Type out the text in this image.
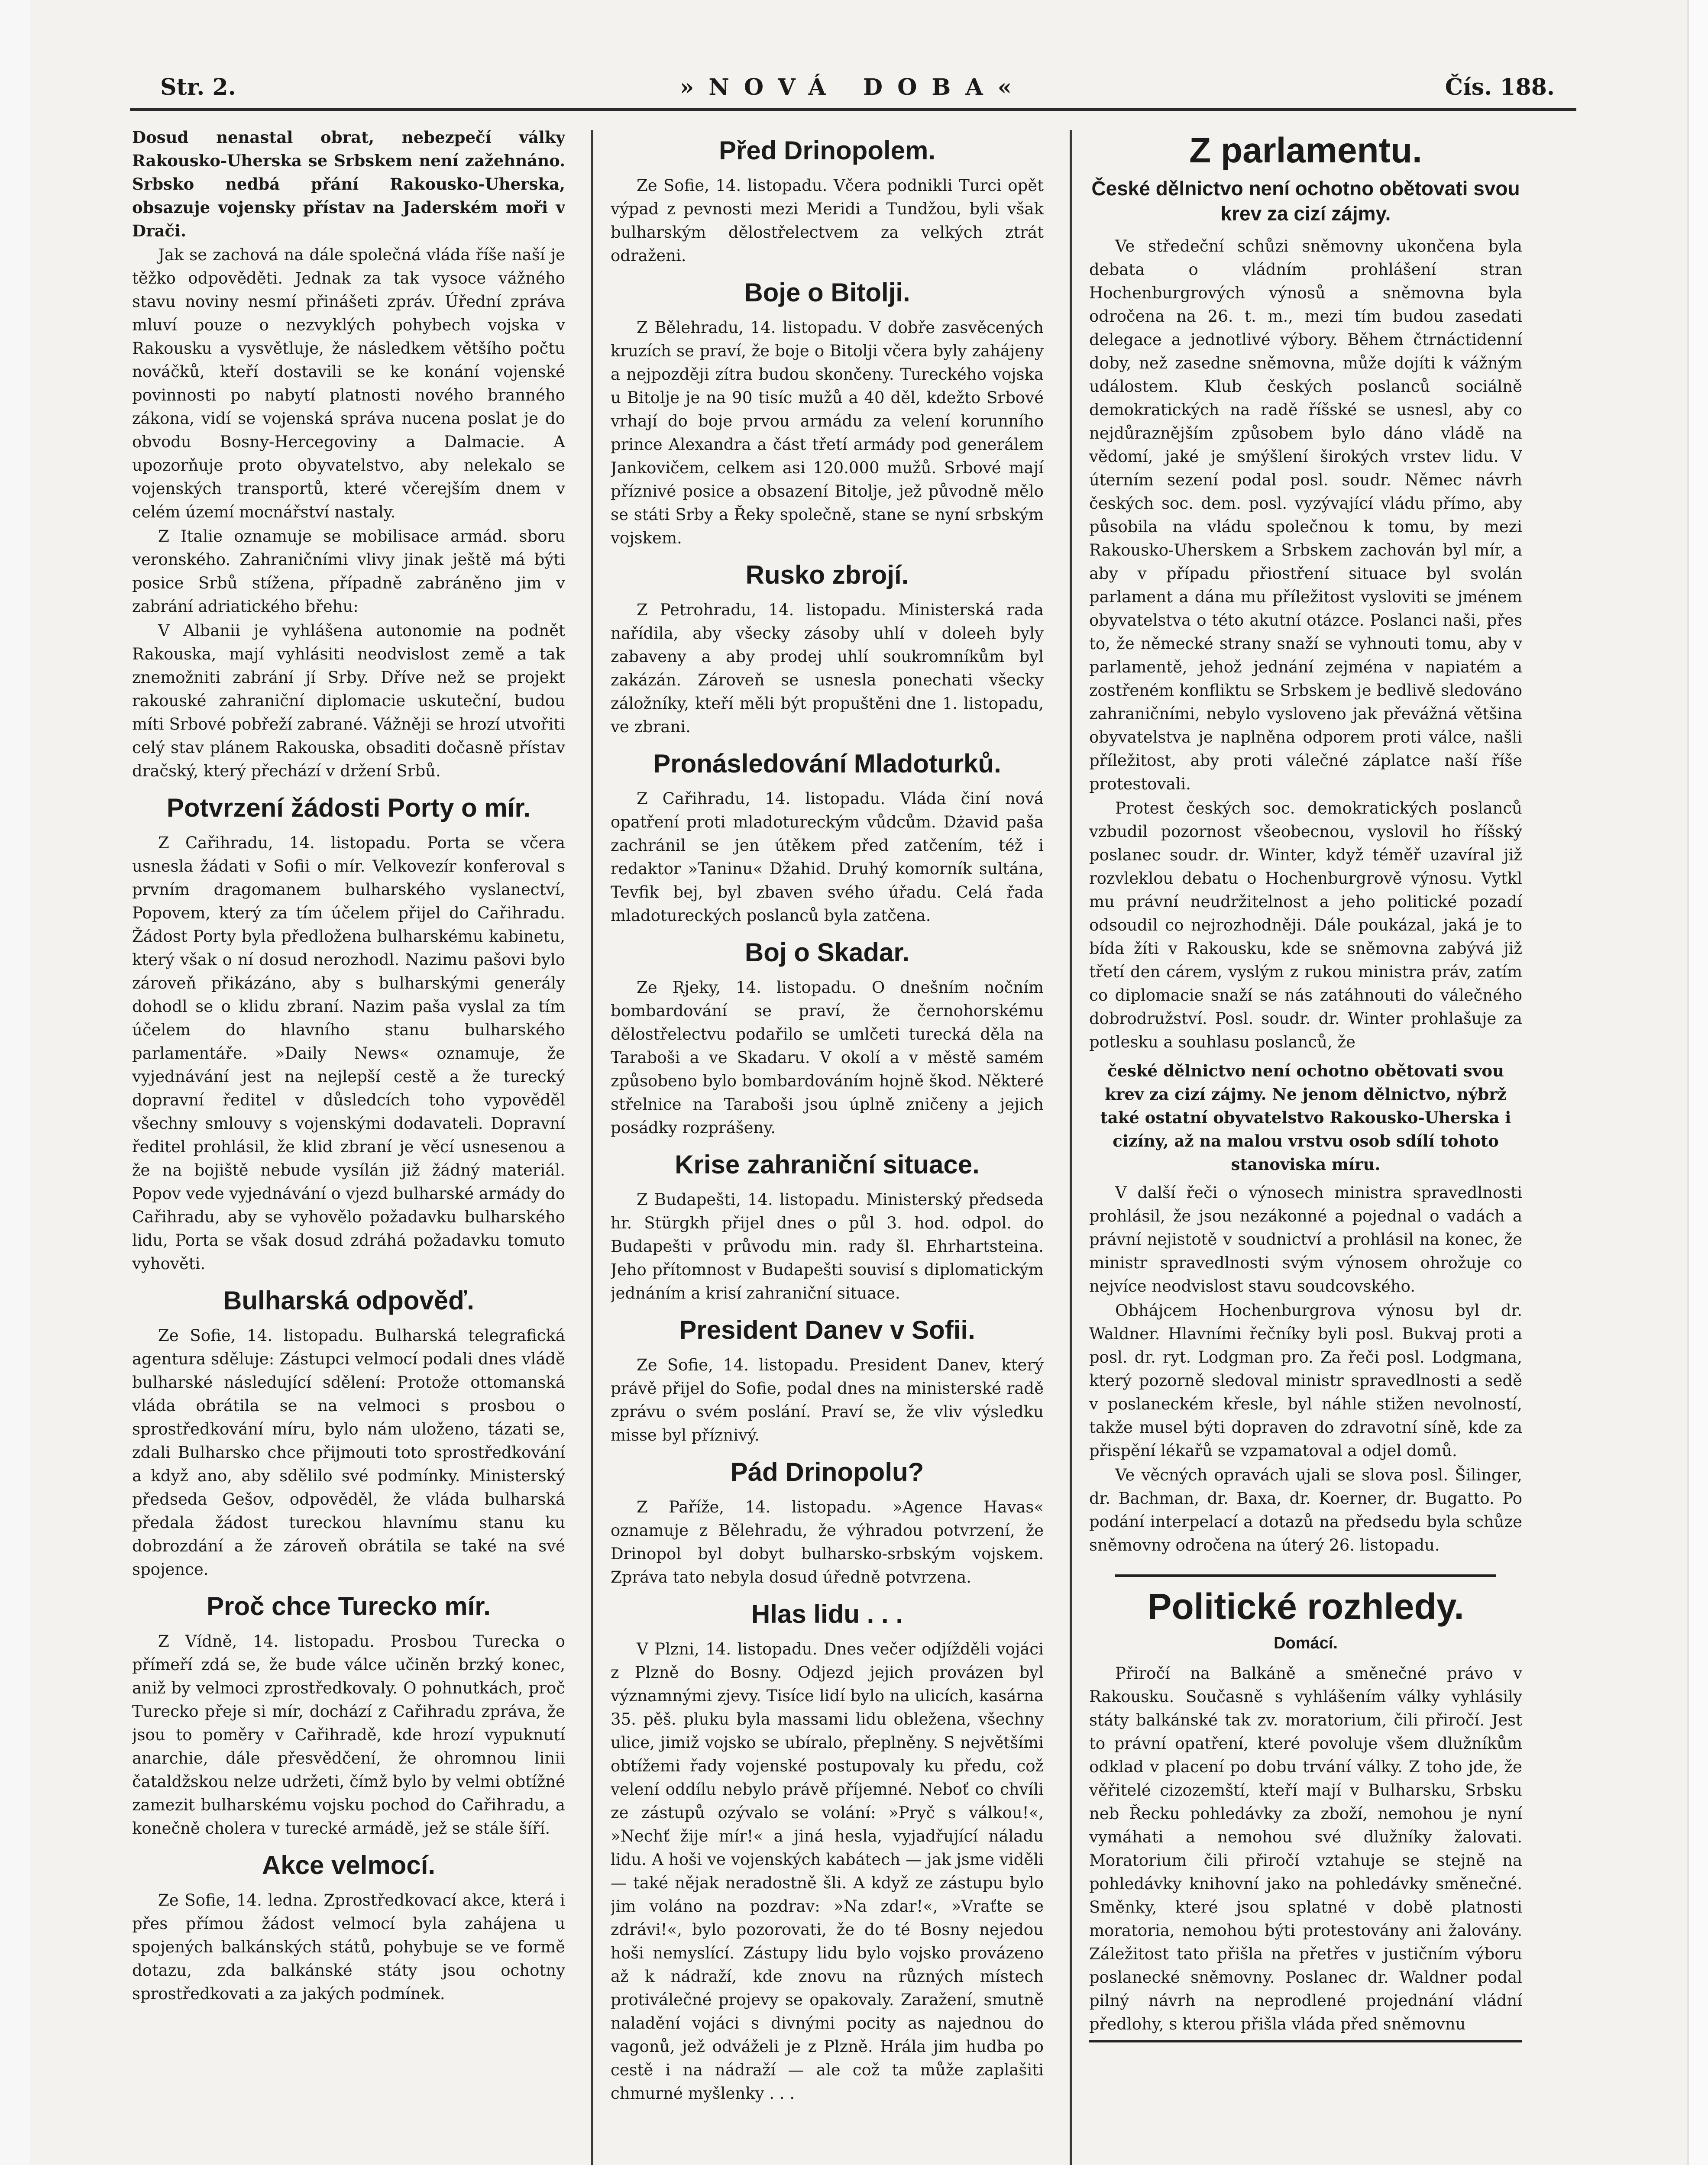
Str. 2.	»NOVÁ DOBA«	Čís. 188.

Dosud nenastal obrat, nebezpečí války Rakousko-Uherska se Srbskem není zažehnáno. Srbsko nedbá přání Rakousko-Uherska, obsazuje vojensky přístav na Jaderském moři v Drači.

Jak se zachová na dále společná vláda říše naší je těžko odpověděti. Jednak za tak vysoce vážného stavu noviny nesmí přinášeti zpráv. Úřední zpráva mluví pouze o nezvyklých pohybech vojska v Rakousku a vysvětluje, že následkem většího počtu nováčků, kteří dostavili se ke konání vojenské povinnosti po nabytí platnosti nového branného zákona, vidí se vojenská správa nucena poslat je do obvodu Bosny-Hercegoviny a Dalmacie. A upozorňuje proto obyvatelstvo, aby nelekalo se vojenských transportů, které včerejším dnem v celém území mocnářství nastaly.

Z Italie oznamuje se mobilisace armád. sboru veronského. Zahraničními vlivy jinak ještě má býti posice Srbů stížena, případně zabráněno jim v zabrání adriatického břehu:

V Albanii je vyhlášena autonomie na podnět Rakouska, mají vyhlásiti neodvislost země a tak znemožniti zabrání jí Srby. Dříve než se projekt rakouské zahraniční diplomacie uskuteční, budou míti Srbové pobřeží zabrané. Vážněji se hrozí utvořiti celý stav plánem Rakouska, obsaditi dočasně přístav dračský, který přechází v držení Srbů.

Potvrzení žádosti Porty o mír.

Z Cařihradu, 14. listopadu. Porta se včera usnesla žádati v Sofii o mír. Velkovezír konferoval s prvním dragomanem bulharského vyslanectví, Popovem, který za tím účelem přijel do Cařihradu. Žádost Porty byla předložena bulharskému kabinetu, který však o ní dosud nerozhodl. Nazimu pašovi bylo zároveň přikázáno, aby s bulharskými generály dohodl se o klidu zbraní. Nazim paša vyslal za tím účelem do hlavního stanu bulharského parlamentáře. »Daily News« oznamuje, že vyjednávání jest na nejlepší cestě a že turecký dopravní ředitel v důsledcích toho vypověděl všechny smlouvy s vojenskými dodavateli. Dopravní ředitel prohlásil, že klid zbraní je věcí usnesenou a že na bojiště nebude vysílán již žádný materiál. Popov vede vyjednávání o vjezd bulharské armády do Cařihradu, aby se vyhovělo požadavku bulharského lidu, Porta se však dosud zdráhá požadavku tomuto vyhověti.

Bulharská odpověď.

Ze Sofie, 14. listopadu. Bulharská telegrafická agentura sděluje: Zástupci velmocí podali dnes vládě bulharské následující sdělení: Protože ottomanská vláda obrátila se na velmoci s prosbou o sprostředkování míru, bylo nám uloženo, tázati se, zdali Bulharsko chce přijmouti toto sprostředkování a když ano, aby sdělilo své podmínky. Ministerský předseda Gešov, odpověděl, že vláda bulharská předala žádost tureckou hlavnímu stanu ku dobrozdání a že zároveň obrátila se také na své spojence.

Proč chce Turecko mír.

Z Vídně, 14. listopadu. Prosbou Turecka o přímeří zdá se, že bude válce učiněn brzký konec, aniž by velmoci zprostředkovaly. O pohnutkách, proč Turecko přeje si mír, dochází z Cařihradu zpráva, že jsou to poměry v Cařihradě, kde hrozí vypuknutí anarchie, dále přesvědčení, že ohromnou linii čataldžskou nelze udržeti, čímž bylo by velmi obtížné zamezit bulharskému vojsku pochod do Cařihradu, a konečně cholera v turecké armádě, jež se stále šíří.

Akce velmocí.

Ze Sofie, 14. ledna. Zprostředkovací akce, která i přes přímou žádost velmocí byla zahájena u spojených balkánských států, pohybuje se ve formě dotazu, zda balkánské státy jsou ochotny sprostředkovati a za jakých podmínek.

Před Drinopolem.

Ze Sofie, 14. listopadu. Včera podnikli Turci opět výpad z pevnosti mezi Meridi a Tundžou, byli však bulharským dělostřelectvem za velkých ztrát odraženi.

Boje o Bitolji.

Z Bělehradu, 14. listopadu. V dobře zasvěcených kruzích se praví, že boje o Bitolji včera byly zahájeny a nejpozději zítra budou skončeny. Tureckého vojska u Bitolje je na 90 tisíc mužů a 40 děl, kdežto Srbové vrhají do boje prvou armádu za velení korunního prince Alexandra a část třetí armády pod generálem Jankovičem, celkem asi 120.000 mužů. Srbové mají příznivé posice a obsazení Bitolje, jež původně mělo se státi Srby a Řeky společně, stane se nyní srbským vojskem.

Rusko zbrojí.

Z Petrohradu, 14. listopadu. Ministerská rada nařídila, aby všecky zásoby uhlí v doleeh byly zabaveny a aby prodej uhlí soukromníkům byl zakázán. Zároveň se usnesla ponechati všecky záložníky, kteří měli být propuštěni dne 1. listopadu, ve zbrani.

Pronásledování Mladoturků.

Z Cařihradu, 14. listopadu. Vláda činí nová opatření proti mladotureckým vůdcům. Dżavid paša zachránil se jen útěkem před zatčením, též i redaktor »Taninu« Džahid. Druhý komorník sultána, Tevfik bej, byl zbaven svého úřadu. Celá řada mladotureckých poslanců byla zatčena.

Boj o Skadar.

Ze Rjeky, 14. listopadu. O dnešním nočním bombardování se praví, že černohorskému dělostřelectvu podařilo se umlčeti turecká děla na Taraboši a ve Skadaru. V okolí a v městě samém způsobeno bylo bombardováním hojně škod. Některé střelnice na Taraboši jsou úplně zničeny a jejich posádky rozprášeny.

Krise zahraniční situace.

Z Budapešti, 14. listopadu. Ministerský předseda hr. Stürgkh přijel dnes o půl 3. hod. odpol. do Budapešti v průvodu min. rady šl. Ehrhartsteina. Jeho přítomnost v Budapešti souvisí s diplomatickým jednáním a krisí zahraniční situace.

President Danev v Sofii.

Ze Sofie, 14. listopadu. President Danev, který právě přijel do Sofie, podal dnes na ministerské radě zprávu o svém poslání. Praví se, že vliv výsledku misse byl příznivý.

Pád Drinopolu?

Z Paříže, 14. listopadu. »Agence Havas« oznamuje z Bělehradu, že výhradou potvrzení, že Drinopol byl dobyt bulharsko-srbským vojskem. Zpráva tato nebyla dosud úředně potvrzena.

Hlas lidu . . .

V Plzni, 14. listopadu. Dnes večer odjížděli vojáci z Plzně do Bosny. Odjezd jejich provázen byl významnými zjevy. Tisíce lidí bylo na ulicích, kasárna 35. pěš. pluku byla massami lidu obležena, všechny ulice, jimiž vojsko se ubíralo, přeplněny. S největšími obtížemi řady vojenské postupovaly ku předu, což velení oddílu nebylo právě příjemné. Neboť co chvíli ze zástupů ozývalo se volání: »Pryč s válkou!«, »Nechť žije mír!« a jiná hesla, vyjadřující náladu lidu. A hoši ve vojenských kabátech — jak jsme viděli — také nějak neradostně šli. A když ze zástupu bylo jim voláno na pozdrav: »Na zdar!«, »Vraťte se zdrávi!«, bylo pozorovati, že do té Bosny nejedou hoši nemyslící. Zástupy lidu bylo vojsko provázeno až k nádraží, kde znovu na různých místech protiválečné projevy se opakovaly. Zaražení, smutně naladění vojáci s divnými pocity as najednou do vagonů, jež odváželi je z Plzně. Hrála jim hudba po cestě i na nádraží — ale což ta může zaplašiti chmurné myšlenky . . .

Z parlamentu.
České dělnictvo není ochotno obětovati svou krev za cizí zájmy.

Ve středeční schůzi sněmovny ukončena byla debata o vládním prohlášení stran Hochenburgrových výnosů a sněmovna byla odročena na 26. t. m., mezi tím budou zasedati delegace a jednotlivé výbory. Během čtrnáctidenní doby, než zasedne sněmovna, může dojíti k vážným událostem. Klub českých poslanců sociálně demokratických na radě říšské se usnesl, aby co nejdůraznějším způsobem bylo dáno vládě na vědomí, jaké je smýšlení širokých vrstev lidu. V úterním sezení podal posl. soudr. Němec návrh českých soc. dem. posl. vyzývající vládu přímo, aby působila na vládu společnou k tomu, by mezi Rakousko-Uherskem a Srbskem zachován byl mír, a aby v případu přiostření situace byl svolán parlament a dána mu příležitost vysloviti se jménem obyvatelstva o této akutní otázce. Poslanci naši, přes to, že německé strany snaží se vyhnouti tomu, aby v parlamentě, jehož jednání zejména v napiatém a zostřeném konfliktu se Srbskem je bedlivě sledováno zahraničními, nebylo vysloveno jak převážná většina obyvatelstva je naplněna odporem proti válce, našli příležitost, aby proti válečné záplatce naší říše protestovali.

Protest českých soc. demokratických poslanců vzbudil pozornost všeobecnou, vyslovil ho říšský poslanec soudr. dr. Winter, když téměř uzavíral již rozvleklou debatu o Hochenburgrově výnosu. Vytkl mu právní neudržitelnost a jeho politické pozadí odsoudil co nejrozhodněji. Dále poukázal, jaká je to bída žíti v Rakousku, kde se sněmovna zabývá již třetí den cárem, vyslým z rukou ministra práv, zatím co diplomacie snaží se nás zatáhnouti do válečného dobrodružství. Posl. soudr. dr. Winter prohlašuje za potlesku a souhlasu poslanců, že

české dělnictvo není ochotno obětovati svou krev za cizí zájmy. Ne jenom dělnictvo, nýbrž také ostatní obyvatelstvo Rakousko-Uherska i cizíny, až na malou vrstvu osob sdílí tohoto stanoviska míru.

V další řeči o výnosech ministra spravedlnosti prohlásil, že jsou nezákonné a pojednal o vadách a právní nejistotě v soudnictví a prohlásil na konec, že ministr spravedlnosti svým výnosem ohrožuje co nejvíce neodvislost stavu soudcovského.

Obhájcem Hochenburgrova výnosu byl dr. Waldner. Hlavními řečníky byli posl. Bukvaj proti a posl. dr. ryt. Lodgman pro. Za řeči posl. Lodgmana, který pozorně sledoval ministr spravedlnosti a sedě v poslaneckém křesle, byl náhle stižen nevolností, takže musel býti dopraven do zdravotní síně, kde za přispění lékařů se vzpamatoval a odjel domů.

Ve věcných opravách ujali se slova posl. Šilinger, dr. Bachman, dr. Baxa, dr. Koerner, dr. Bugatto. Po podání interpelací a dotazů na předsedu byla schůze sněmovny odročena na úterý 26. listopadu.

Politické rozhledy.
Domácí.

Přiročí na Balkáně a směnečné právo v Rakousku. Současně s vyhlášením války vyhlásily státy balkánské tak zv. moratorium, čili přiročí. Jest to právní opatření, které povoluje všem dlužníkům odklad v placení po dobu trvání války. Z toho jde, že věřitelé cizozemští, kteří mají v Bulharsku, Srbsku neb Řecku pohledávky za zboží, nemohou je nyní vymáhati a nemohou své dlužníky žalovati. Moratorium čili přiročí vztahuje se stejně na pohledávky knihovní jako na pohledávky směnečné. Směnky, které jsou splatné v době platnosti moratoria, nemohou býti protestovány ani žalovány. Záležitost tato přišla na přetřes v justičním výboru poslanecké sněmovny. Poslanec dr. Waldner podal pilný návrh na neprodlené projednání vládní předlohy, s kterou přišla vláda před sněmovnu
